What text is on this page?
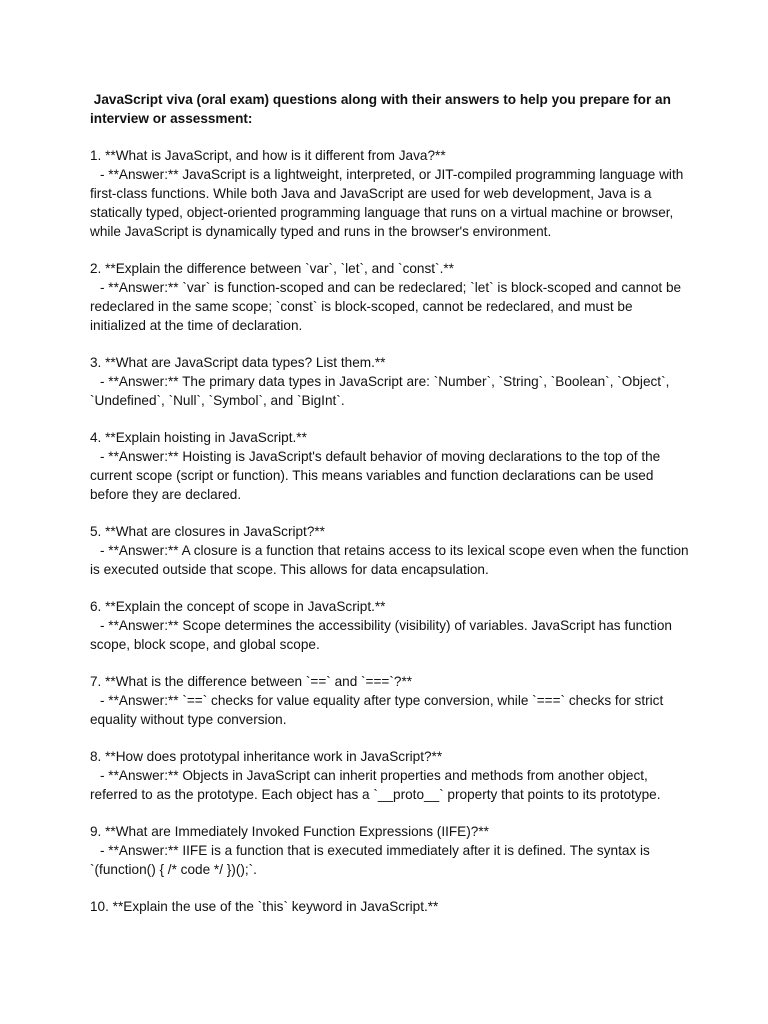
JavaScript viva (oral exam) questions along with their answers to help you prepare for an interview or assessment:
1. **What is JavaScript, and how is it different from Java?**
- **Answer:** JavaScript is a lightweight, interpreted, or JIT-compiled programming language with first-class functions. While both Java and JavaScript are used for web development, Java is a statically typed, object-oriented programming language that runs on a virtual machine or browser, while JavaScript is dynamically typed and runs in the browser's environment.
2. **Explain the difference between `var`, `let`, and `const`.**
- **Answer:** `var` is function-scoped and can be redeclared; `let` is block-scoped and cannot be redeclared in the same scope; `const` is block-scoped, cannot be redeclared, and must be initialized at the time of declaration.
3. **What are JavaScript data types? List them.**
- **Answer:** The primary data types in JavaScript are: `Number`, `String`, `Boolean`, `Object`, `Undefined`, `Null`, `Symbol`, and `BigInt`.
4. **Explain hoisting in JavaScript.**
- **Answer:** Hoisting is JavaScript's default behavior of moving declarations to the top of the current scope (script or function). This means variables and function declarations can be used before they are declared.
5. **What are closures in JavaScript?**
- **Answer:** A closure is a function that retains access to its lexical scope even when the function is executed outside that scope. This allows for data encapsulation.
6. **Explain the concept of scope in JavaScript.**
- **Answer:** Scope determines the accessibility (visibility) of variables. JavaScript has function scope, block scope, and global scope.
7. **What is the difference between `==` and `===`?**
- **Answer:** `==` checks for value equality after type conversion, while `===` checks for strict equality without type conversion.
8. **How does prototypal inheritance work in JavaScript?**
- **Answer:** Objects in JavaScript can inherit properties and methods from another object, referred to as the prototype. Each object has a `__proto__` property that points to its prototype.
9. **What are Immediately Invoked Function Expressions (IIFE)?**
- **Answer:** IIFE is a function that is executed immediately after it is defined. The syntax is `(function() { /* code */ })();`.
10. **Explain the use of the `this` keyword in JavaScript.**
